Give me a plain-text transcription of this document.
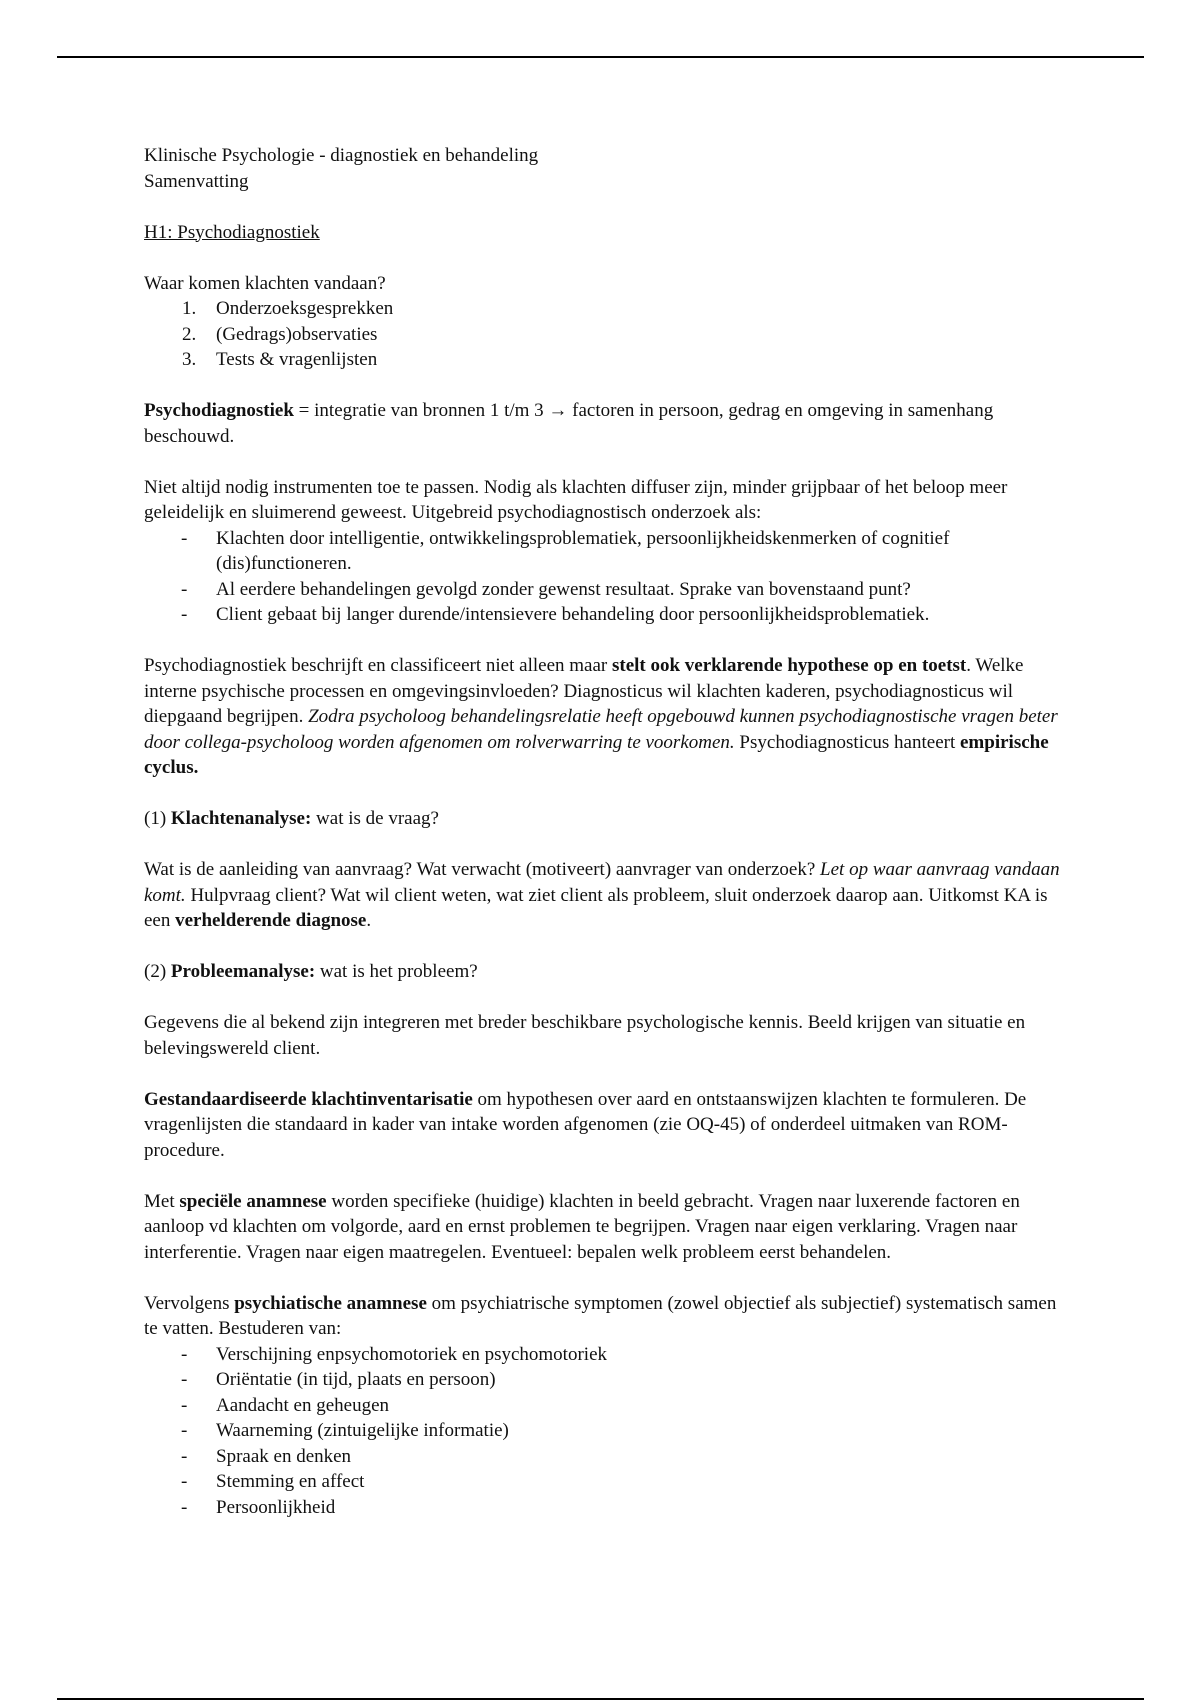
Klinische Psychologie - diagnostiek en behandeling

Samenvatting

H1: Psychodiagnostiek

Waar komen klachten vandaan?

1. Onderzoeksgesprekken
2. (Gedrags)observaties
3. Tests & vragenlijsten

Psychodiagnostiek = integratie van bronnen 1 t/m 3 → factoren in persoon, gedrag en omgeving in samenhang beschouwd.

Niet altijd nodig instrumenten toe te passen. Nodig als klachten diffuser zijn, minder grijpbaar of het beloop meer geleidelijk en sluimerend geweest. Uitgebreid psychodiagnostisch onderzoek als:

- Klachten door intelligentie, ontwikkelingsproblematiek, persoonlijkheidskenmerken of cognitief (dis)functioneren.
- Al eerdere behandelingen gevolgd zonder gewenst resultaat. Sprake van bovenstaand punt?
- Client gebaat bij langer durende/intensievere behandeling door persoonlijkheidsproblematiek.

Psychodiagnostiek beschrijft en classificeert niet alleen maar stelt ook verklarende hypothese op en toetst. Welke interne psychische processen en omgevingsinvloeden? Diagnosticus wil klachten kaderen, psychodiagnosticus wil diepgaand begrijpen. Zodra psycholoog behandelingsrelatie heeft opgebouwd kunnen psychodiagnostische vragen beter door collega-psycholoog worden afgenomen om rolverwarring te voorkomen. Psychodiagnosticus hanteert empirische cyclus.

(1) Klachtenanalyse: wat is de vraag?

Wat is de aanleiding van aanvraag? Wat verwacht (motiveert) aanvrager van onderzoek? Let op waar aanvraag vandaan komt. Hulpvraag client? Wat wil client weten, wat ziet client als probleem, sluit onderzoek daarop aan. Uitkomst KA is een verhelderende diagnose.

(2) Probleemanalyse: wat is het probleem?

Gegevens die al bekend zijn integreren met breder beschikbare psychologische kennis. Beeld krijgen van situatie en belevingswereld client.

Gestandaardiseerde klachtinventarisatie om hypothesen over aard en ontstaanswijzen klachten te formuleren. De vragenlijsten die standaard in kader van intake worden afgenomen (zie OQ-45) of onderdeel uitmaken van ROM-procedure.

Met speciële anamnese worden specifieke (huidige) klachten in beeld gebracht. Vragen naar luxerende factoren en aanloop vd klachten om volgorde, aard en ernst problemen te begrijpen. Vragen naar eigen verklaring. Vragen naar interferentie. Vragen naar eigen maatregelen. Eventueel: bepalen welk probleem eerst behandelen.

Vervolgens psychiatische anamnese om psychiatrische symptomen (zowel objectief als subjectief) systematisch samen te vatten. Bestuderen van:

- Verschijning enpsychomotoriek en psychomotoriek
- Oriëntatie (in tijd, plaats en persoon)
- Aandacht en geheugen
- Waarneming (zintuigelijke informatie)
- Spraak en denken
- Stemming en affect
- Persoonlijkheid
